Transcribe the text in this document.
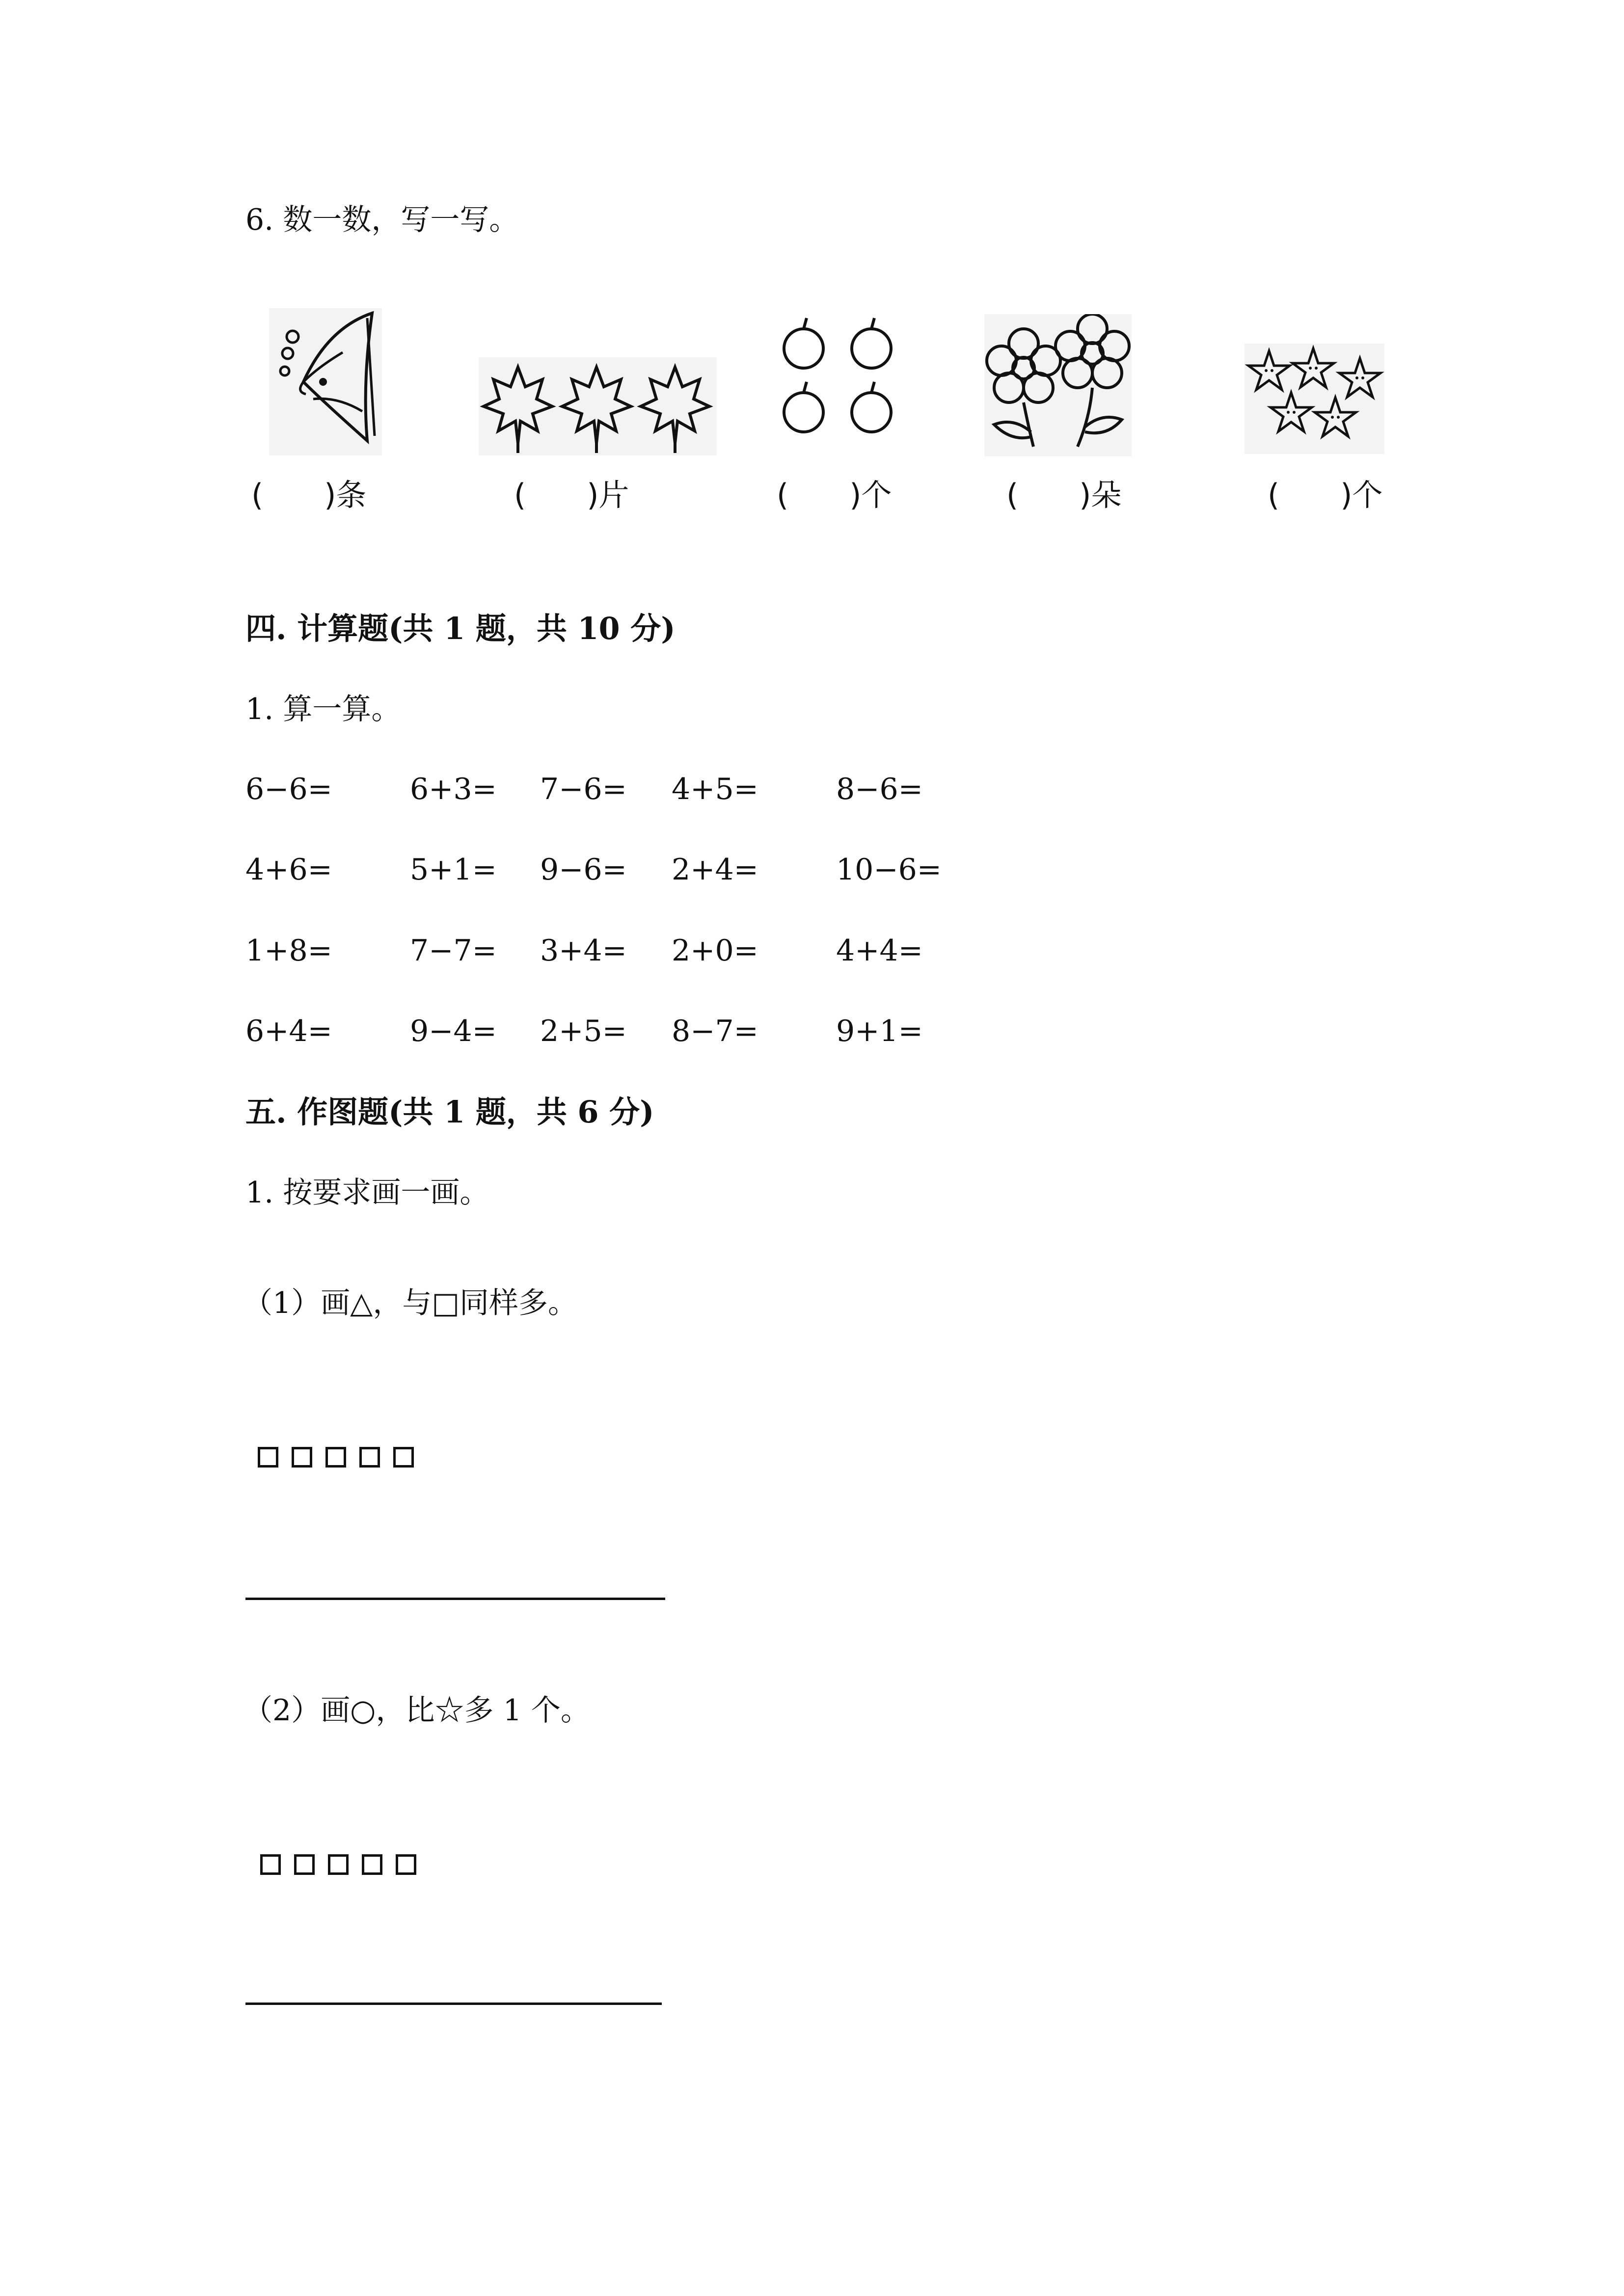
6. 数一数，写一写。
(　　)条	(　　)片	(　　)个	(　　)朵	(　　)个
四. 计算题(共 1 题，共 10 分)
1. 算一算。
6−6=	6+3= 7−6= 4+5=	8−6=
4+6=	5+1= 9−6= 2+4=	10−6=
1+8=	7−7= 3+4= 2+0=	4+4=
6+4=	9−4= 2+5= 8−7=	9+1=
五. 作图题(共 1 题，共 6 分)
1. 按要求画一画。
（1）画△，与□同样多。
（2）画○，比☆多 1 个。
